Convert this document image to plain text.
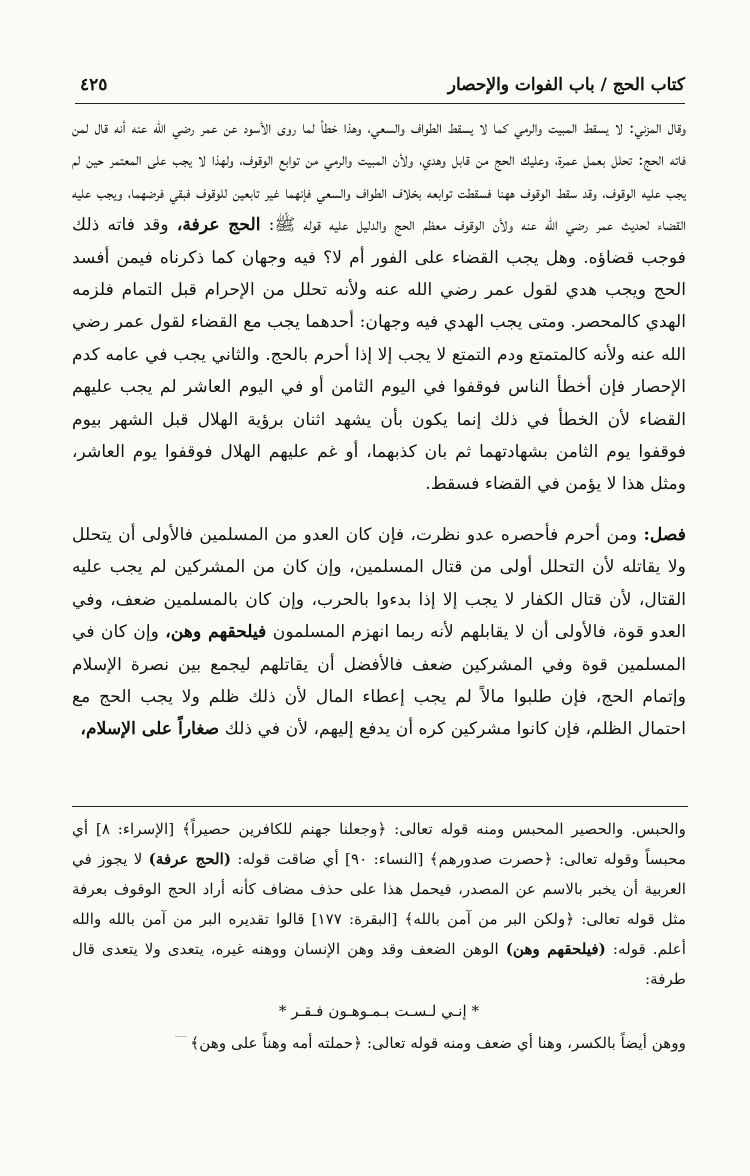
كتاب الحج / باب الفوات والإحصار
٤٢٥

وقال المزني: لا يسقط المبيت والرمي كما لا يسقط الطواف والسعي، وهذا خطأ لما روى الأسود عن عمر رضي الله عنه أنه قال لمن فاته الحج: تحلل بعمل عمرة، وعليك الحج من قابل وهدي، ولأن المبيت والرمي من توابع الوقوف، ولهذا لا يجب على المعتمر حين لم يجب عليه الوقوف، وقد سقط الوقوف ههنا فسقطت توابعه بخلاف الطواف والسعي فإنهما غير تابعين للوقوف فبقي فرضهما، ويجب عليه القضاء لحديث عمر رضي الله عنه ولأن الوقوف معظم الحج والدليل عليه قوله ﷺ: الحج عرفة، وقد فاته ذلك فوجب قضاؤه. وهل يجب القضاء على الفور أم لا؟ فيه وجهان كما ذكرناه فيمن أفسد الحج ويجب هدي لقول عمر رضي الله عنه ولأنه تحلل من الإحرام قبل التمام فلزمه الهدي كالمحصر. ومتى يجب الهدي فيه وجهان: أحدهما يجب مع القضاء لقول عمر رضي الله عنه ولأنه كالمتمتع ودم التمتع لا يجب إلا إذا أحرم بالحج. والثاني يجب في عامه كدم الإحصار فإن أخطأ الناس فوقفوا في اليوم الثامن أو في اليوم العاشر لم يجب عليهم القضاء لأن الخطأ في ذلك إنما يكون بأن يشهد اثنان برؤية الهلال قبل الشهر بيوم فوقفوا يوم الثامن بشهادتهما ثم بان كذبهما، أو غم عليهم الهلال فوقفوا يوم العاشر، ومثل هذا لا يؤمن في القضاء فسقط.

فصل: ومن أحرم فأحصره عدو نظرت، فإن كان العدو من المسلمين فالأولى أن يتحلل ولا يقاتله لأن التحلل أولى من قتال المسلمين، وإن كان من المشركين لم يجب عليه القتال، لأن قتال الكفار لا يجب إلا إذا بدءوا بالحرب، وإن كان بالمسلمين ضعف، وفي العدو قوة، فالأولى أن لا يقابلهم لأنه ربما انهزم المسلمون فيلحقهم وهن، وإن كان في المسلمين قوة وفي المشركين ضعف فالأفضل أن يقاتلهم ليجمع بين نصرة الإسلام وإتمام الحج، فإن طلبوا مالاً لم يجب إعطاء المال لأن ذلك ظلم ولا يجب الحج مع احتمال الظلم، فإن كانوا مشركين كره أن يدفع إليهم، لأن في ذلك صغاراً على الإسلام،

والحبس. والحصير المحبس ومنه قوله تعالى: ﴿وجعلنا جهنم للكافرين حصيراً﴾ [الإسراء: ٨] أي محبساً وقوله تعالى: ﴿حصرت صدورهم﴾ [النساء: ٩٠] أي ضاقت قوله: (الحج عرفة) لا يجوز في العربية أن يخبر بالاسم عن المصدر، فيحمل هذا على حذف مضاف كأنه أراد الحج الوقوف بعرفة مثل قوله تعالى: ﴿ولكن البر من آمن بالله﴾ [البقرة: ١٧٧] قالوا تقديره البر من آمن بالله والله أعلم. قوله: (فيلحقهم وهن) الوهن الضعف وقد وهن الإنسان ووهنه غيره، يتعدى ولا يتعدى قال طرفة:

* إنـي لـسـت بـمـوهـون فـقـر *

ووهن أيضاً بالكسر، وهنا أي ضعف ومنه قوله تعالى: ﴿حملته أمه وهناً على وهن﴾
